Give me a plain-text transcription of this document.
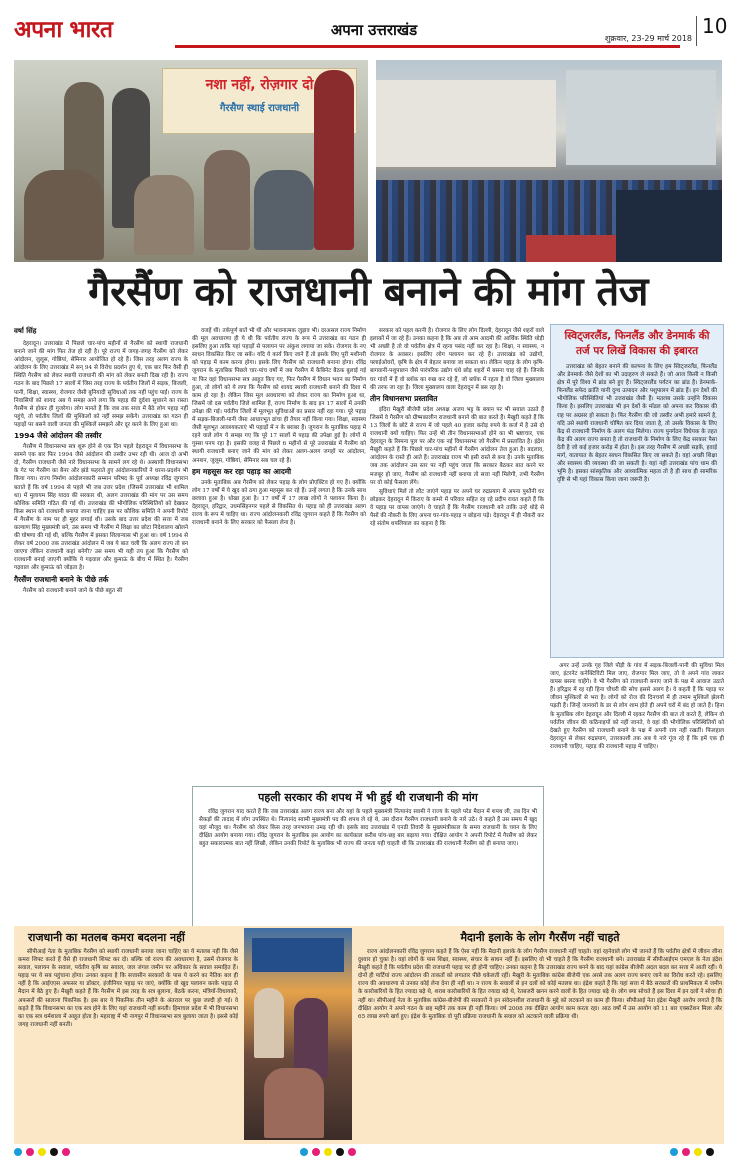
अपना भारत	अपना उत्तराखंड	शुक्रवार, 23-29 मार्च 2018
10
नशा नहीं, रोज़गार दो
गैरसैण स्थाई राजधानी
गैरसैंण को राजधानी बनाने की मांग तेज
वर्षा सिंह

देहरादून। उत्तराखंड में पिछले चार-पांच महीनों से गैरसैंण को स्थायी राजधानी बनाने जाने की मांग फिर तेज हो रही है। पूरे राज्य में जगह-जगह गैरसैंण को लेकर आंदोलन, जुलूस, गोष्ठियां, सेमिनार आयोजित हो रहे हैं। जिस तरह अलग राज्य के आंदोलन के लिए उत्तराखंड में सन् 94 से विरोध प्रदर्शन हुए थे, एक बार फिर वैसी ही स्थिति गैरसैंण को लेकर स्थायी राजधानी की मांग को लेकर बनती दिख रही है। राज्य गठन के बाद पिछले 17 सालों में जिस तरह राज्य के पर्वतीय जिलों में सड़क, बिजली, पानी, शिक्षा, स्वास्थ्य, रोजगार जैसी बुनियादी सुविधाओं तक नहीं पहुंच पाईं। राज्य के निवासियों को शायद अब ये समझ आने लगा कि पहाड़ की दुर्दशा सुधारने का रास्ता गैरसैंण से होकर ही गुजरेगा। लोग मानते हैं कि जब तक सत्ता में बैठे लोग पहाड़ नहीं पहुंचे, तो पर्वतीय जिलों की मुश्किलों को नहीं समझ सकेंगे। उत्तराखंड का गठन ही पहाड़ों पर बसने वाली जनता की मुश्किलें समझने और दूर करने के लिए हुआ था।

1994 जैसे आंदोलन की तस्वीर

गैरसैंण में विधानसभा सत्र शुरू होने से एक दिन पहले देहरादून में विधानसभा के सामने एक बार फिर 1994 जैसे आंदोलन की तस्वीर उभर रही थी। आज दो अभी दो, गैरसैंण राजधानी जैसे नारे विधानसभा के सामने लग रहे थे। अस्थायी विधानसभा के गेट पर गैरसैंण का बैनर और झंडे फहराते हुए आंदोलनकारियों ने धरना-प्रदर्शन भी किया गया। राज्य निर्माण आंदोलनकारी सम्मान परिषद के पूर्व अध्यक्ष रविंद्र जुगरान बताते हैं कि वर्ष 1994 से पहले भी जब उत्तर प्रदेश (जिसमें उत्तराखंड भी शामिल था) में मुलायम सिंह यादव की सरकार थी, अलग उत्तराखंड की मांग पर उस समय कौशिक समिति गठित की गई थी। उत्तराखंड की भौगोलिक परिस्थितियों को देखकर किस स्थान को राजधानी बनाया जाना चाहिए इस पर कौशिक समिति ने अपनी रिपोर्ट में गैरसैंण के नाम पर ही मुहर लगाई थी। उसके बाद उत्तर प्रदेश की सत्ता में जब कल्याण सिंह मुख्यमंत्री बने, उस समय भी गैरसैंण में शिक्षा का छोटा निदेशालय खोलने की घोषणा की गई थी, बल्कि गैरसैंण में इसका शिलान्यास भी हुआ था। वर्ष 1994 से लेकर वर्ष 2000 तक उत्तराखंड आंदोलन में जब ये बात चली कि अलग राज्य तो बन जाएगा लेकिन राजधानी कहां बनेगी? उस समय भी यही तय हुआ कि गैरसैंण को राजधानी बनाई जाएगी क्योंकि ये गढ़वाल और कुमाऊं के बीच में स्थित है। गैरसैंण गढ़वाल और कुमाऊं को जोड़ता है।

गैरसैंण राजधानी बनाने के पीछे तर्क

गैरसैंण को राजधानी बनाने जाने के पीछे बहुत सी

वजहें थीं। तर्कपूर्ण बातें भी थीं और भावनात्मक जुड़ाव भी। दरअसल राज्य निर्माण की मूल अवधारणा ही ये थी कि पर्वतीय राज्य के रूप में उत्तराखंड का गठन ही इसलिए हुआ ताकि यहां पहाड़ों से पलायन पर अंकुश लगाया जा सके। रोजगार के नए साधन विकसित किए जा सकें। यदि ये कार्य किए जाने हैं तो इसके लिए पूरी मशीनरी को पहाड़ में काम करना होगा। इसके लिए गैरसैंण को राजधानी बनाना होगा। रविंद्र जुगरान के मुताबिक पिछले चार-पांच वर्षों में जब गैरसैंण में कैबिनेट बैठक बुलाई गई या फिर वहां विधानसभा सत्र आहूत किए गए, फिर गैरसैंण में विधान भवन का निर्माण हुआ, तो लोगों को ये लगा कि गैरसैंण को शायद स्थायी राजधानी बनाने की दिशा में काम हो रहा है। लेकिन जिस मूल अवधारणा को लेकर राज्य का निर्माण हुआ था, जिसमें जो दस पर्वतीय जिले शामिल हैं, राज्य निर्माण के बाद इन 17 सालों में उनकी उपेक्षा की गई। पर्वतीय जिलों में मूलभूत सुविधाओं का प्रसार नहीं रहा गया। पूरे पहाड़ में सड़क-बिजली-पानी जैसा आधारभूत ढांचा ही तैयार नहीं किया गया। शिक्षा, स्वास्थ्य जैसी मूलभूत आवश्यकताएं भी पहाड़ों में न के बराबर हैं। जुगरान के मुताबिक पहाड़ में रहने वाले लोग ये समझ गए कि पूरे 17 सालों में पहाड़ की उपेक्षा हुई है। लोगों में गुस्सा पनप रहा है। इसकी वजह से पिछले 6 महीनों से पूरे उत्तराखंड में गैरसैंण को स्थायी राजधानी बनाए जाने की मांग को लेकर अलग-अलग जगहों पर आंदोलन, अनशन, जुलूस, गोष्ठियां, सेमिनार सब चल रहे हैं।

हम महसूस कर रहा पहाड़ का आदमी

उनके मुताबिक अब गैरसैंण को लेकर पहाड़ के लोग प्रोएक्टिव हो गए हैं। क्योंकि लोग 17 वर्षों में ये खुद को ठगा हुआ महसूस कर रहे हैं। उन्हें लगता है कि उनके साथ छलावा हुआ है। धोखा हुआ है। 17 वर्षों में 17 लाख लोगों ने पलायन किया है। देहरादून, हरिद्वार, उधमसिंहनगर पहले से विकसित थे। पहाड़ को ही उत्तराखंड अलग राज्य के रूप में चाहिए था। राज्य आंदोलनकारी रविंद्र जुगरान कहते हैं कि गैरसैंण को राजधानी बनाने के लिए सरकार को फैसला लेना है।

सरकार को पहल करनी है। रोजगार के लिए लोग दिल्ली, देहरादून जैसे शहरों वाले इलाकों में जा रहे हैं। उनका कहना है कि अब तो आम आदमी की आर्थिक स्थिति थोड़ी भी अच्छी है तो वो पर्वतीय क्षेत्र में रहना पसंद नहीं कर रहा है। शिक्षा, न स्वास्थ्य, न रोजगार के अवसर। इसलिए लोग पलायन कर रहे हैं। उत्तराखंड को उद्योगों, फ्लाईओवरों, कृषि के क्षेत्र में बेहतर बनाया जा सकता था। लेकिन पहाड़ के लोग कृषि-बागवानी-पशुपालन जैसे पारंपरिक उद्योग धंधे छोड़ शहरों में बसना चाह रहे हैं। जिनके घर गांवों में हैं वो ब्लॉक का रुख कर रहे हैं, जो ब्लॉक में रहता है वो जिला मुख्यालय की तरफ जा रहा है। जिला मुख्यालय वाला देहरादून में बस रहा है।

तीन विधानसभा प्रस्तावित

इंदिरा मैखुरी बीजेपी प्रदेश अध्यक्ष अजय भट्ट के बयान पर भी सवाल उठाते हैं जिसमें वे गैरसैंण को ग्रीष्मकालीन राजधानी बनाने की बात करते हैं। मैखुरी कहते हैं कि 13 जिलों के छोटे से राज्य में जो पहले 40 हजार करोड़ रुपये के कर्ज में है उसे दो राजधानी क्यों चाहिए। फिर उन्हें भी तीन विधानसभाओं होने का भी भ्रष्टाचार, एक देहरादून के रिस्पना पुल पर और एक नई विधानसभा जो गैरसैंण में प्रस्तावित है। इंद्रेश मैखुरी कहते हैं कि पिछले चार-पांच महीनों में गैरसैंण आंदोलन तेज हुआ है। बदलाव, आंदोलन के रास्ते ही आते हैं। उत्तराखंड राज्य भी इसी रास्ते से बना है। उनके मुताबिक जब तक आंदोलन उस स्तर पर नहीं पहुंच जाता कि सरकार बैठकर बात करने पर मजबूर हो जाए, गैरसैंण को राजधानी नहीं बनाया तो सत्ता नहीं मिलेगी, तभी गैरसैंण पर वो कोई फैसला लेंगे।

सुविधाएं मिलें तो लौट जाएंगे पहाड़ पर अपने घर रुद्रप्रयाग में अपना पुश्तैनी घर छोड़कर देहरादून में किराए के कमरे में परिवार सहित रह रहे प्रदीप रावत कहते हैं कि वे पहाड़ पर वापस जाएंगे। वे चाहते हैं कि गैरसैंण राजधानी बने ताकि उन्हें थोड़े से पैसों की नौकरी के लिए अपना घर-गांव-पहाड़ न छोड़ना पड़े। देहरादून में ही नौकरी कर रहे संतोष थपलियाल का कहना है कि

स्विट्जरलैंड, फिनलैंड और डेनमार्क की तर्ज पर लिखें विकास की इबारत
उत्तराखंड को बेहतर बनाने की कल्पना के लिए हम स्विट्जरलैंड, फिनलैंड और डेनमार्क जैसे देशों का भी उदाहरण ले सकते हैं। जो आज किसी न किसी क्षेत्र में पूरे विश्व में ब्रांड बने हुए हैं। स्विट्जरलैंड पर्यटन का ब्रांड है। डेनमार्क-फिनलैंड सफेद क्रांति यानी दुग्ध उत्पादन और पशुपालन में ब्रांड हैं। इन देशों की भौगोलिक परिस्थितियां भी उत्तराखंड जैसी हैं। मतलब उसके उन्होंने विकास किया है। इसलिए उत्तराखंड भी इन देशों के मॉडल को अपना कर विकास की राह पर अग्रसर हो सकता है। फिर गैरसैंण की जो तस्वीर अभी हमारे सामने है, यदि उसे स्थायी राजधानी घोषित कर दिया जाता है, तो उसके विकास के लिए केंद्र से राजधानी निर्माण के अलग फंड मिलेगा। राज्य पुनर्गठन विधेयक के तहत केंद्र की अलग राज्य बनता है तो राजधानी के निर्माण के लिए केंद्र सरकार पैसा देती है जो कई हजार करोड़ में होता है। इस तरह गैरसैंण में अच्छी सड़कें, हवाई मार्ग, यातायात के बेहतर साधन विकसित किए जा सकते हैं। वहां अच्छी शिक्षा और स्वास्थ्य की व्यवस्था की जा सकती है। यहां नहीं उत्तराखंड पांच धाम की भूमि है। इसका सांस्कृतिक और आध्यात्मिक महत्व तो है ही साथ ही सामरिक दृष्टि से भी यहां विकास किया जाना जरूरी है।

अगर उन्हें उनके गृह जिले पौड़ी के गांव में सड़क-बिजली-पानी की सुविधा मिल जाए, इंटरनेट कनेक्टिविटी मिल जाए, रोजगार मिल जाए, तो वे अपने गांव जाकर वापस बसना चाहेंगे। वे भी गैरसैंण को राजधानी बनाए जाने के पक्ष में आवाज उठाते हैं। हरिद्वार में रह रही हिना चौधरी की सोच इससे अलग है। वे कहती हैं कि पहाड़ पर जीवन मुश्किलों से भरा है। लोगों को रोज की दिनचर्या में ही तमाम मुश्किलें झेलनी पड़ती हैं। जिन्हें जानवरों के डर से लोग शाम होते ही अपने घरों में बंद हो जाते हैं। हिना के मुताबिक लोग देहरादून और दिल्ली में रहकर गैरसैंण की बात तो करते हैं, लेकिन वो पर्वतीय जीवन की कठिनाइयों को नहीं जानते, वे वहां की भौगोलिक परिस्थितियों को देखते हुए गैरसैंण को राजधानी बनाने के पक्ष में अपनी राय नहीं रखतीं। फिलहाल देहरादून से लेकर रुद्रप्रयाग, उत्तरकाशी तक अब ये नारे गूंज रहे हैं कि हमें एक ही राजधानी चाहिए, पहाड़ की राजधानी पहाड़ में चाहिए।

पहली सरकार की शपथ में भी हुई थी राजधानी की मांग
रविंद्र जुगरान याद करते हैं कि जब उत्तराखंड अलग राज्य बना और यहां के पहले मुख्यमंत्री नित्यानंद स्वामी ने राज्य के पहले परेड मैदान में शपथ ली, तब दिन भी सैकड़ों की तादाद में लोग उपस्थित थे। नित्यानंद स्वामी मुख्यमंत्री पद की शपथ ले रहे थे, उस दौरान गैरसैंण राजधानी बनाने के नारे उठे। वे कहते हैं उस समय मैं खुद वहां मौजूद था। गैरसैंण को लेकर किस तरह जनभावना उमड़ रही थी। इसके बाद उत्तराखंड में एनडी तिवारी के मुख्यमंत्रीकाल के समय राजधानी के चयन के लिए दीक्षित आयोग बनाया गया। रविंद्र जुगरान के मुताबिक इस आयोग का कार्यकाल करीब पांच-छह बार बढ़ाया गया। दीक्षित आयोग ने अपनी रिपोर्ट में गैरसैंण को लेकर बहुत सकारात्मक बात नहीं लिखी, लेकिन उनकी रिपोर्ट के मुताबिक भी राज्य की जनता यही चाहती थी कि उत्तराखंड की राजधानी गैरसैंण को ही बनाया जाए।
राजधानी का मतलब कमरा बदलना नहीं
सीपीआई नेता के मुताबिक गैरसैंण को स्थायी राजधानी बनाया जाना चाहिए का ये मतलब नहीं कि जैसे कमरा शिफ्ट करते हैं वैसे ही राजधानी शिफ्ट कर दो। बल्कि जो राज्य की अवधारणा है, उसमें रोजगार के सवाल, पलायन के सवाल, पर्वतीय कृषि का सवाल, जल जंगल जमीन पर अधिकार के सवाल समाहित हैं। पहाड़ पर ये सब पहुंचाना होगा। उनका कहना है कि सत्तासीन सरकारों के पास ये करने का नैतिक बल ही नहीं है कि आईएएस अफसर या डॉक्टर, इंजीनियर पहाड़ पर जाएं, क्योंकि वो खुद पलायन करके पहाड़ से मैदान में बैठे हुए हैं। मैखुरी कहते हैं कि गैरसैंण में इस तरह के सत्र बुलाना, बैठकें करना, मंत्रियों-विधायकों, अफसरों की सालाना पिकनिक है। इस बार ये पिकनिक तीन महीने के अंतराल पर कुछ जल्दी हो गई। वे कहते हैं कि विधानसभा का एक सत्र होने के लिए यहां राजधानी नहीं बनती। हिमाचल प्रदेश में भी विधानसभा का एक सत्र धर्मशाला में आहूत होता है। महाराष्ट्र में भी नागपुर में विधानसभा सत्र बुलाया जाता है। इससे कोई जगह राजधानी नहीं बनती।
मैदानी इलाके के लोग गैरसैंण नहीं चाहते
राज्य आंदोलनकारी रविंद्र जुगरान कहते हैं कि ऐसा नहीं कि मैदानी इलाके के लोग गैरसैंण राजधानी नहीं चाहते। वहां रहनेवाले लोग भी जानते हैं कि पर्वतीय क्षेत्रों में जीवन जीना दुश्वार हो चुका है। वहां लोगों के पास शिक्षा, स्वास्थ्य, संचार के साधन नहीं हैं। इसलिए वो भी चाहते हैं कि गैरसैंण राजधानी बने। उत्तराखंड में सीपीआईएम एमएल के नेता इंद्रेश मैखुरी कहते हैं कि पर्वतीय प्रदेश की राजधानी पहाड़ पर ही होनी चाहिए। उनका कहना है कि उत्तराखंड राज्य बनने के बाद यहां कांग्रेस बीजेपी अदल बदल कर सत्ता में आती रहीं। ये दोनों ही पार्टियां राज्य आंदोलन की ताकतों को लगातार पीछे धकेलती रहीं। मैखुरी के मुताबिक कांग्रेस बीजेपी एक अरसे तक अलग राज्य बनाए जाने का विरोध करते रहे। इसलिए राज्य की अवधारणा से उनका कोई लेना देना ही नहीं था। न राज्य के सवालों से इन दलों को कोई मतलब था। इंद्रेश कहते हैं कि यहां सत्ता में बैठे सरकारों की प्राथमिकता में जमीन के कारोबारियों के हित ज्यादा बढ़े थे, शराब कारोबारियों के हित ज्यादा बढ़े थे, रेतबजरी खनन करने वालों के हित ज्यादा बढ़े थे। लोग क्या सोचते हैं इस दिशा में इन दलों ने सोचा ही नहीं था। सीपीआई नेता के मुताबिक कांग्रेस-बीजेपी की सरकारों ने इन संवेदनशील राजधानी के मुद्दे को लटकाने का काम ही किया। सीपीआई नेता इंद्रेश मैखुरी आरोप लगाते हैं कि दीक्षित आयोग ने अपने गठन के छह महीने तक काम ही नहीं किया। वर्ष 2008 तक दीक्षित आयोग काम करता रहा। आठ वर्षों में उस आयोग को 11 बार एक्सटेंशन मिला और 65 लाख रुपये खर्च हुए। इंद्रेश के मुताबिक वो पूरी प्रक्रिया राजधानी के सवाल को अटकाने वाली प्रक्रिया थी।
